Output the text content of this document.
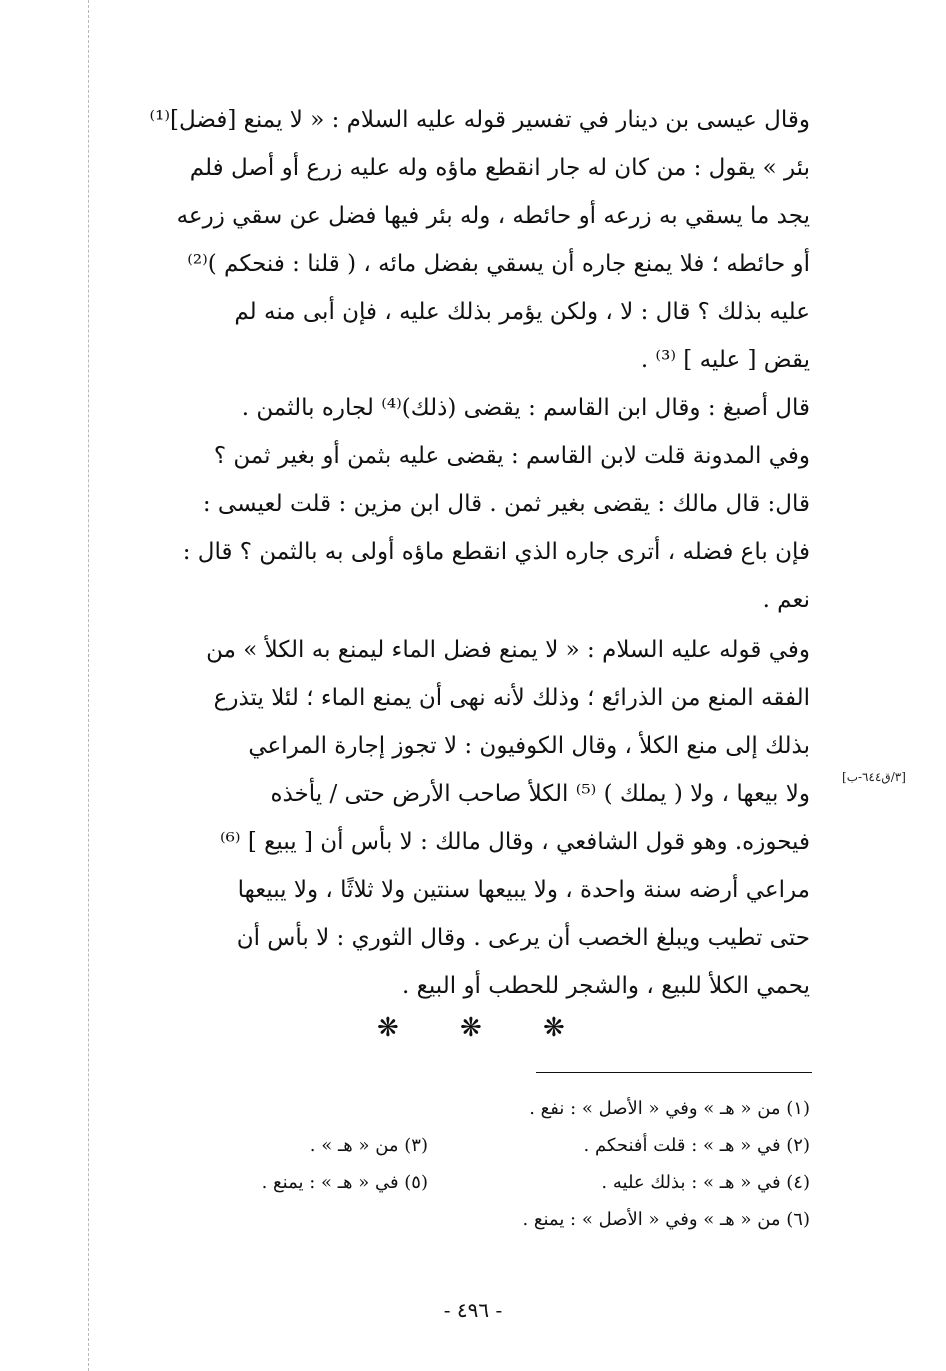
وقال عيسى بن دينار في تفسير قوله عليه السلام : « لا يمنع [فضل]⁽¹⁾
بئر » يقول : من كان له جار انقطع ماؤه وله عليه زرع أو أصل فلم
يجد ما يسقي به زرعه أو حائطه ، وله بئر فيها فضل عن سقي زرعه
أو حائطه ؛ فلا يمنع جاره أن يسقي بفضل مائه ، ( قلنا : فنحكم )⁽²⁾
عليه بذلك ؟ قال : لا ، ولكن يؤمر بذلك عليه ، فإن أبى منه لم
يقض [ عليه ] ⁽³⁾ .
قال أصبغ : وقال ابن القاسم : يقضى (ذلك)⁽⁴⁾ لجاره بالثمن .
وفي المدونة قلت لابن القاسم : يقضى عليه بثمن أو بغير ثمن ؟
قال: قال مالك : يقضى بغير ثمن . قال ابن مزين : قلت لعيسى :
فإن باع فضله ، أترى جاره الذي انقطع ماؤه أولى به بالثمن ؟ قال :
نعم .
وفي قوله عليه السلام : « لا يمنع فضل الماء ليمنع به الكلأ » من
الفقه المنع من الذرائع ؛ وذلك لأنه نهى أن يمنع الماء ؛ لئلا يتذرع
بذلك إلى منع الكلأ ، وقال الكوفيون : لا تجوز إجارة المراعي
ولا بيعها ، ولا ( يملك ) ⁽⁵⁾ الكلأ صاحب الأرض حتى / يأخذه
فيحوزه. وهو قول الشافعي ، وقال مالك : لا بأس أن [ يبيع ] ⁽⁶⁾
مراعي أرضه سنة واحدة ، ولا يبيعها سنتين ولا ثلاثًا ، ولا يبيعها
حتى تطيب ويبلغ الخصب أن يرعى . وقال الثوري : لا بأس أن
يحمي الكلأ للبيع ، والشجر للحطب أو البيع .
[٣/ق٦٤٤-ب]
❋ ❋ ❋
(١) من « هـ » وفي « الأصل » : نفع .
(٢) في « هـ » : قلت أفنحكم .
(٣) من « هـ » .
(٤) في « هـ » : بذلك عليه .
(٥) في « هـ » : يمنع .
(٦) من « هـ » وفي « الأصل » : يمنع .
- ٤٩٦ -
